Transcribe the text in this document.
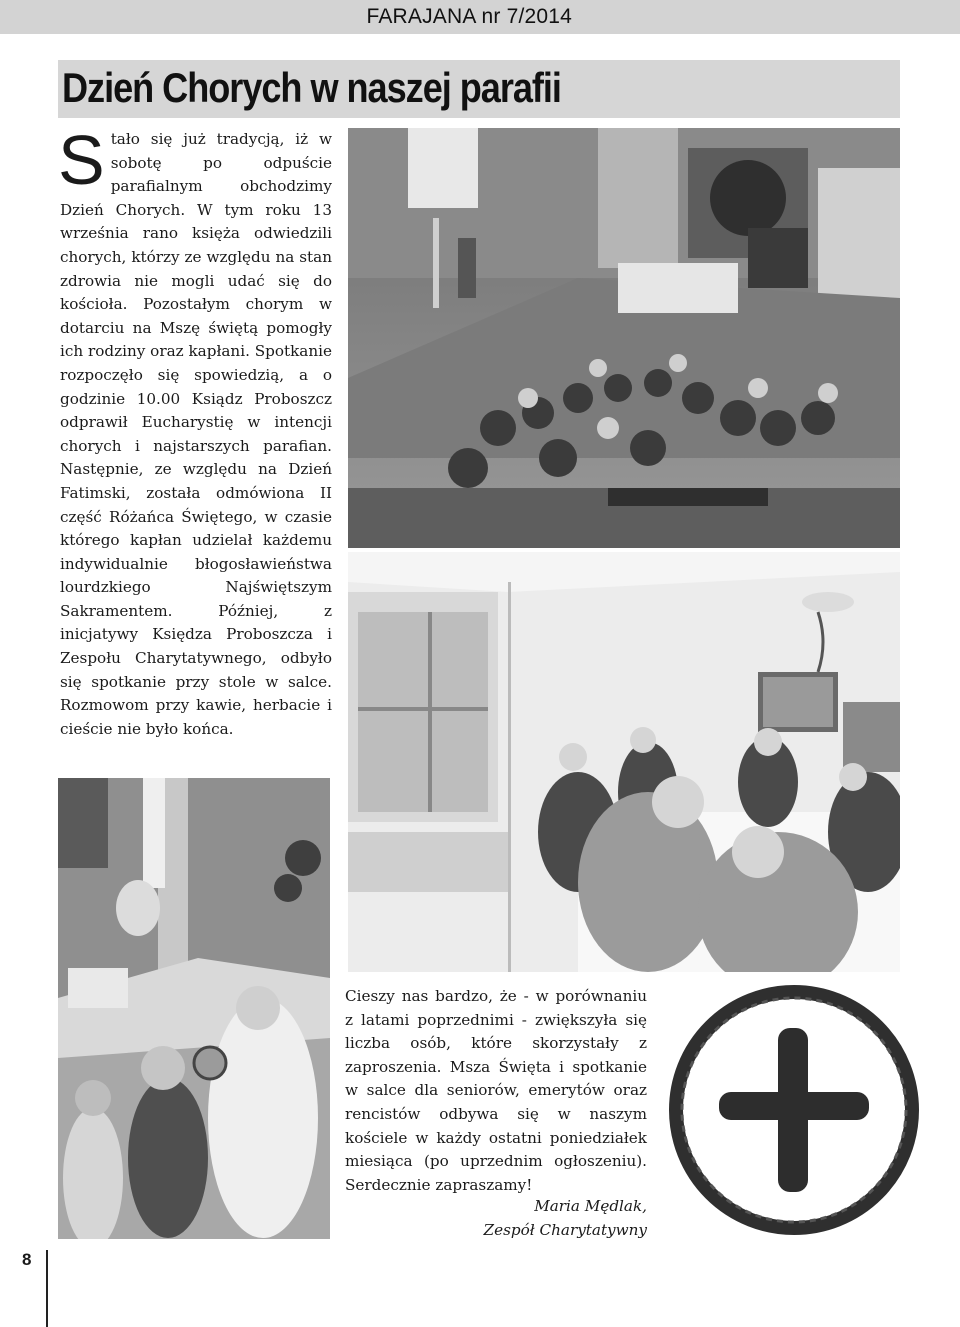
FARAJANA nr 7/2014
Dzień Chorych w naszej parafii
Stało się już tradycją, iż w sobotę po odpuście parafialnym obchodzimy Dzień Chorych. W tym roku 13 września rano księża odwiedzili chorych, którzy ze względu na stan zdrowia nie mogli udać się do kościoła. Pozostałym chorym w dotarciu na Mszę świętą pomogły ich rodziny oraz kapłani. Spotkanie rozpoczęło się spowiedzią, a o godzinie 10.00 Ksiądz Proboszcz odprawił Eucharystię w intencji chorych i najstarszych parafian. Następnie, ze względu na Dzień Fatimski, została odmówiona II część Różańca Świętego, w czasie którego kapłan udzielał każdemu indywidualnie błogosławieństwa lourdzkiego Najświętszym Sakramentem. Później, z inicjatywy Księdza Proboszcza i Zespołu Charytatywnego, odbyło się spotkanie przy stole w salce. Rozmowom przy kawie, herbacie i cieście nie było końca.
Cieszy nas bardzo, że - w porównaniu z latami poprzednimi - zwiększyła się liczba osób, które skorzystały z zaproszenia. Msza Święta i spotkanie w salce dla seniorów, emerytów oraz rencistów odbywa się w naszym kościele w każdy ostatni poniedziałek miesiąca (po uprzednim ogłoszeniu). Serdecznie zapraszamy!
Maria Mędlak,
Zespół Charytatywny
8
